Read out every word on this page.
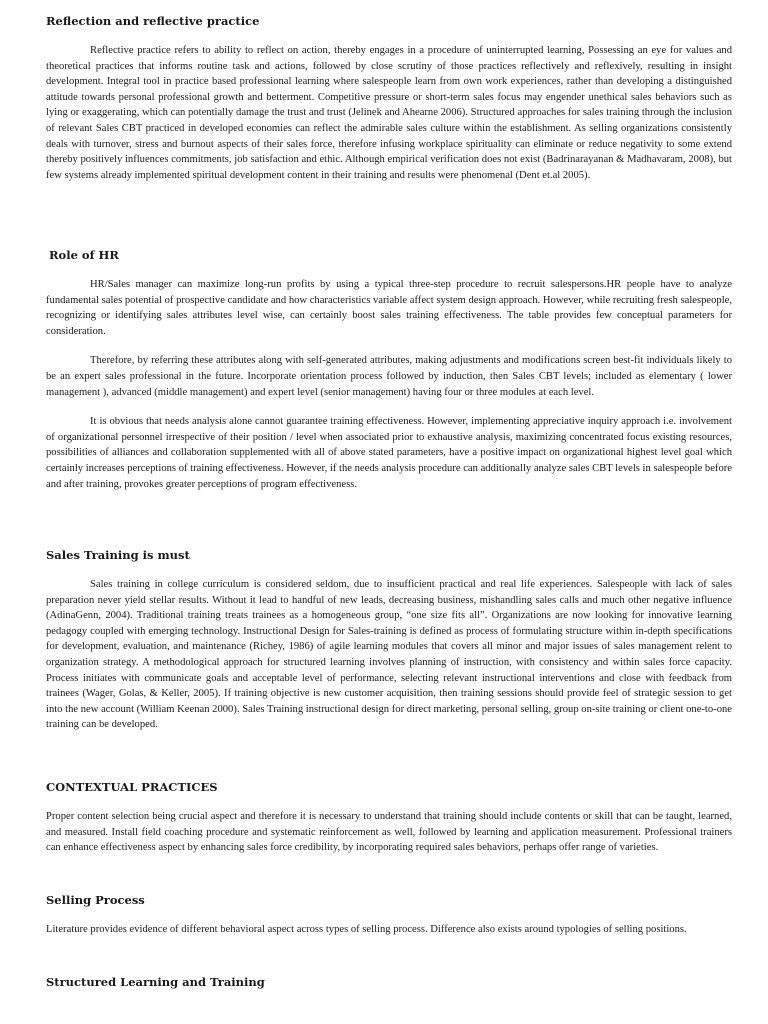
Reflection and reflective practice

Reflective practice refers to ability to reflect on action, thereby engages in a procedure of uninterrupted learning, Possessing an eye for values and theoretical practices that informs routine task and actions, followed by close scrutiny of those practices reflectively and reflexively, resulting in insight development. Integral tool in practice based professional learning where salespeople learn from own work experiences, rather than developing a distinguished attitude towards personal professional growth and betterment. Competitive pressure or short-term sales focus may engender unethical sales behaviors such as lying or exaggerating, which can potentially damage the trust and trust (Jelinek and Ahearne 2006). Structured approaches for sales training through the inclusion of relevant Sales CBT practiced in developed economies can reflect the admirable sales culture within the establishment. As selling organizations consistently deals with turnover, stress and burnout aspects of their sales force, therefore infusing workplace spirituality can eliminate or reduce negativity to some extend thereby positively influences commitments, job satisfaction and ethic. Although empirical verification does not exist (Badrinarayanan & Madhavaram, 2008), but few systems already implemented spiritual development content in their training and results were phenomenal (Dent et.al 2005).

Role of HR

HR/Sales manager can maximize long-run profits by using a typical three-step procedure to recruit salespersons.HR people have to analyze fundamental sales potential of prospective candidate and how characteristics variable affect system design approach. However, while recruiting fresh salespeople, recognizing or identifying sales attributes level wise, can certainly boost sales training effectiveness. The table provides few conceptual parameters for consideration.

Therefore, by referring these attributes along with self-generated attributes, making adjustments and modifications screen best-fit individuals likely to be an expert sales professional in the future. Incorporate orientation process followed by induction, then Sales CBT levels; included as elementary ( lower management ), advanced (middle management) and expert level (senior management) having four or three modules at each level.

It is obvious that needs analysis alone cannot guarantee training effectiveness. However, implementing appreciative inquiry approach i.e. involvement of organizational personnel irrespective of their position / level when associated prior to exhaustive analysis, maximizing concentrated focus existing resources, possibilities of alliances and collaboration supplemented with all of above stated parameters, have a positive impact on organizational highest level goal which certainly increases perceptions of training effectiveness. However, if the needs analysis procedure can additionally analyze sales CBT levels in salespeople before and after training, provokes greater perceptions of program effectiveness.

Sales Training is must

Sales training in college curriculum is considered seldom, due to insufficient practical and real life experiences. Salespeople with lack of sales preparation never yield stellar results. Without it lead to handful of new leads, decreasing business, mishandling sales calls and much other negative influence (AdinaGenn, 2004). Traditional training treats trainees as a homogeneous group, “one size fits all”. Organizations are now looking for innovative learning pedagogy coupled with emerging technology. Instructional Design for Sales-training is defined as process of formulating structure within in-depth specifications for development, evaluation, and maintenance (Richey, 1986) of agile learning modules that covers all minor and major issues of sales management relent to organization strategy. A methodological approach for structured learning involves planning of instruction, with consistency and within sales force capacity. Process initiates with communicate goals and acceptable level of performance, selecting relevant instructional interventions and close with feedback from trainees (Wager, Golas, & Keller, 2005). If training objective is new customer acquisition, then training sessions should provide feel of strategic session to get into the new account (William Keenan 2000). Sales Training instructional design for direct marketing, personal selling, group on-site training or client one-to-one training can be developed.

CONTEXTUAL PRACTICES

Proper content selection being crucial aspect and therefore it is necessary to understand that training should include contents or skill that can be taught, learned, and measured. Install field coaching procedure and systematic reinforcement as well, followed by learning and application measurement. Professional trainers can enhance effectiveness aspect by enhancing sales force credibility, by incorporating required sales behaviors, perhaps offer range of varieties.

Selling Process

Literature provides evidence of different behavioral aspect across types of selling process. Difference also exists around typologies of selling positions.

Structured Learning and Training
